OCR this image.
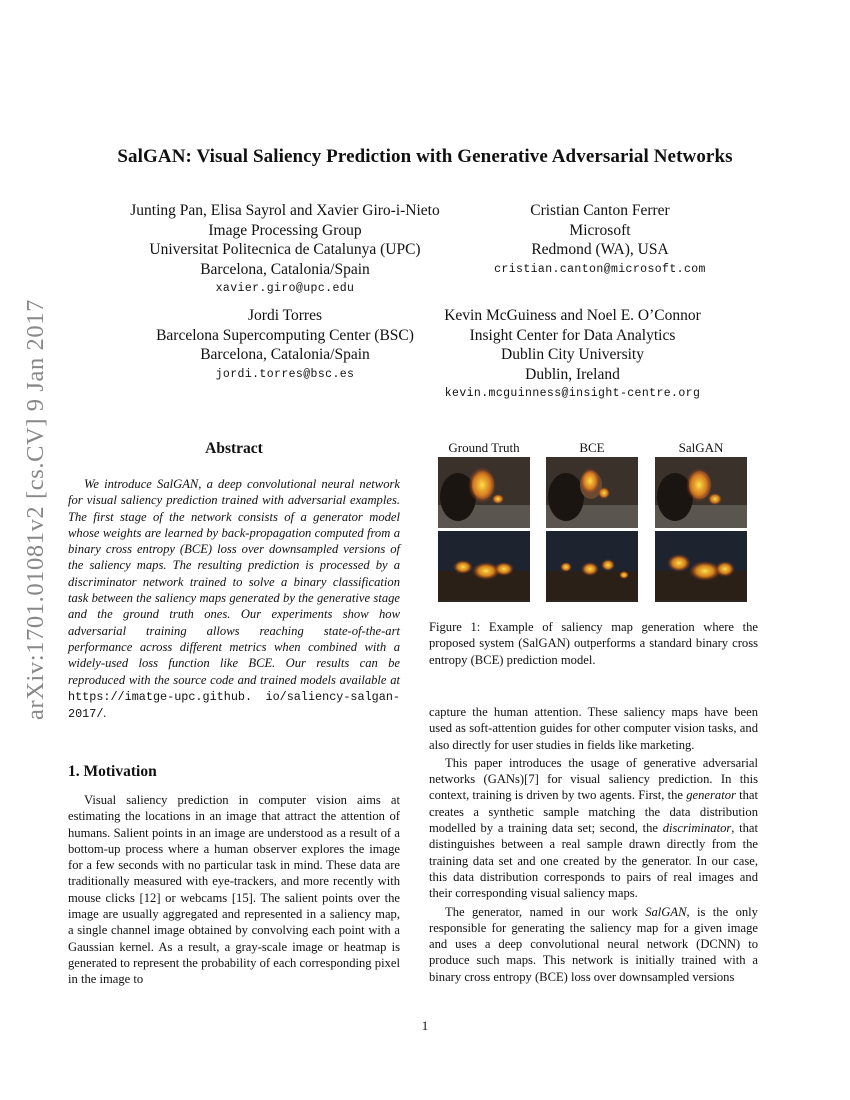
arXiv:1701.01081v2 [cs.CV] 9 Jan 2017
SalGAN: Visual Saliency Prediction with Generative Adversarial Networks
Junting Pan, Elisa Sayrol and Xavier Giro-i-Nieto
Image Processing Group
Universitat Politecnica de Catalunya (UPC)
Barcelona, Catalonia/Spain
xavier.giro@upc.edu
Cristian Canton Ferrer
Microsoft
Redmond (WA), USA
cristian.canton@microsoft.com
Jordi Torres
Barcelona Supercomputing Center (BSC)
Barcelona, Catalonia/Spain
jordi.torres@bsc.es
Kevin McGuiness and Noel E. O’Connor
Insight Center for Data Analytics
Dublin City University
Dublin, Ireland
kevin.mcguinness@insight-centre.org
Abstract

We introduce SalGAN, a deep convolutional neural network for visual saliency prediction trained with adversarial examples. The first stage of the network consists of a generator model whose weights are learned by back-propagation computed from a binary cross entropy (BCE) loss over downsampled versions of the saliency maps. The resulting prediction is processed by a discriminator network trained to solve a binary classification task between the saliency maps generated by the generative stage and the ground truth ones. Our experiments show how adversarial training allows reaching state-of-the-art performance across different metrics when combined with a widely-used loss function like BCE. Our results can be reproduced with the source code and trained models available at https://imatge-upc.github. io/saliency-salgan-2017/.

1. Motivation

Visual saliency prediction in computer vision aims at estimating the locations in an image that attract the attention of humans. Salient points in an image are understood as a result of a bottom-up process where a human observer explores the image for a few seconds with no particular task in mind. These data are traditionally measured with eye-trackers, and more recently with mouse clicks [12] or webcams [15]. The salient points over the image are usually aggregated and represented in a saliency map, a single channel image obtained by convolving each point with a Gaussian kernel. As a result, a gray-scale image or heatmap is generated to represent the probability of each corresponding pixel in the image to

Ground Truth	BCE	SalGAN
Figure 1: Example of saliency map generation where the proposed system (SalGAN) outperforms a standard binary cross entropy (BCE) prediction model.

capture the human attention. These saliency maps have been used as soft-attention guides for other computer vision tasks, and also directly for user studies in fields like marketing.

This paper introduces the usage of generative adversarial networks (GANs)[7] for visual saliency prediction. In this context, training is driven by two agents. First, the generator that creates a synthetic sample matching the data distribution modelled by a training data set; second, the discriminator, that distinguishes between a real sample drawn directly from the training data set and one created by the generator. In our case, this data distribution corresponds to pairs of real images and their corresponding visual saliency maps.

The generator, named in our work SalGAN, is the only responsible for generating the saliency map for a given image and uses a deep convolutional neural network (DCNN) to produce such maps. This network is initially trained with a binary cross entropy (BCE) loss over downsampled versions

1
